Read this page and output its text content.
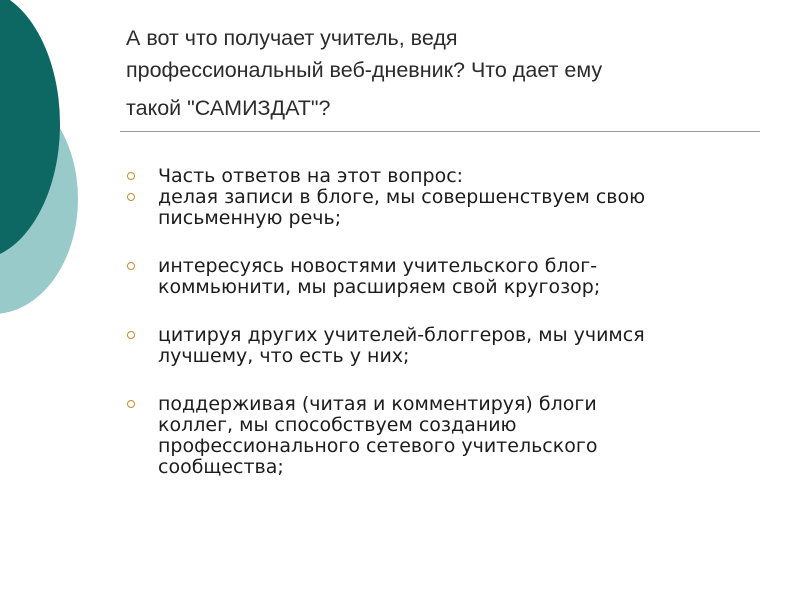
А вот что получает учитель, ведя
профессиональный веб-дневник? Что дает ему
такой "САМИЗДАТ"?
Часть ответов на этот вопрос:
делая записи в блоге, мы совершенствуем свою
письменную речь;
интересуясь новостями учительского блог-
коммьюнити, мы расширяем свой кругозор;
цитируя других учителей-блоггеров, мы учимся
лучшему, что есть у них;
поддерживая (читая и комментируя) блоги
коллег, мы способствуем созданию
профессионального сетевого учительского
сообщества;
